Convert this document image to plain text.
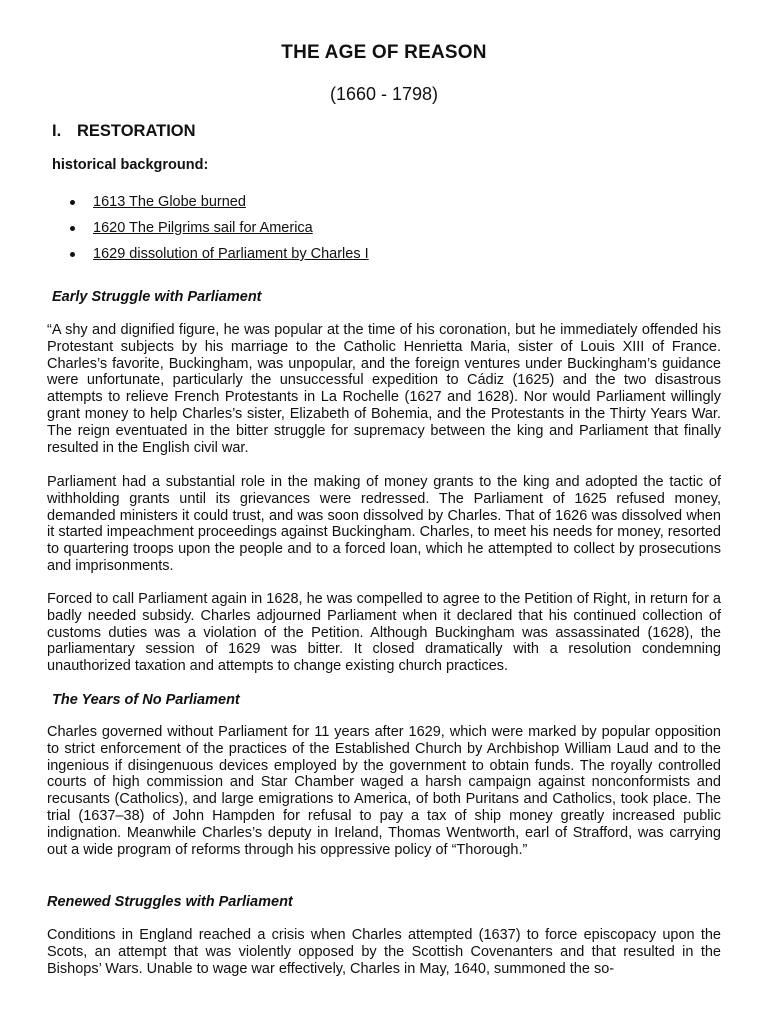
THE AGE OF REASON
(1660 - 1798)
I. RESTORATION
historical background:
1613 The Globe burned
1620 The Pilgrims sail for America
1629 dissolution of Parliament by Charles I
Early Struggle with Parliament

“A shy and dignified figure, he was popular at the time of his coronation, but he immediately offended his Protestant subjects by his marriage to the Catholic Henrietta Maria, sister of Louis XIII of France. Charles’s favorite, Buckingham, was unpopular, and the foreign ventures under Buckingham’s guidance were unfortunate, particularly the unsuccessful expedition to Cádiz (1625) and the two disastrous attempts to relieve French Protestants in La Rochelle (1627 and 1628). Nor would Parliament willingly grant money to help Charles’s sister, Elizabeth of Bohemia, and the Protestants in the Thirty Years War. The reign eventuated in the bitter struggle for supremacy between the king and Parliament that finally resulted in the English civil war.

Parliament had a substantial role in the making of money grants to the king and adopted the tactic of withholding grants until its grievances were redressed. The Parliament of 1625 refused money, demanded ministers it could trust, and was soon dissolved by Charles. That of 1626 was dissolved when it started impeachment proceedings against Buckingham. Charles, to meet his needs for money, resorted to quartering troops upon the people and to a forced loan, which he attempted to collect by prosecutions and imprisonments.

Forced to call Parliament again in 1628, he was compelled to agree to the Petition of Right, in return for a badly needed subsidy. Charles adjourned Parliament when it declared that his continued collection of customs duties was a violation of the Petition. Although Buckingham was assassinated (1628), the parliamentary session of 1629 was bitter. It closed dramatically with a resolution condemning unauthorized taxation and attempts to change existing church practices.

The Years of No Parliament

Charles governed without Parliament for 11 years after 1629, which were marked by popular opposition to strict enforcement of the practices of the Established Church by Archbishop William Laud and to the ingenious if disingenuous devices employed by the government to obtain funds. The royally controlled courts of high commission and Star Chamber waged a harsh campaign against nonconformists and recusants (Catholics), and large emigrations to America, of both Puritans and Catholics, took place. The trial (1637–38) of John Hampden for refusal to pay a tax of ship money greatly increased public indignation. Meanwhile Charles’s deputy in Ireland, Thomas Wentworth, earl of Strafford, was carrying out a wide program of reforms through his oppressive policy of “Thorough.”

Renewed Struggles with Parliament

Conditions in England reached a crisis when Charles attempted (1637) to force episcopacy upon the Scots, an attempt that was violently opposed by the Scottish Covenanters and that resulted in the Bishops’ Wars. Unable to wage war effectively, Charles in May, 1640, summoned the so-
